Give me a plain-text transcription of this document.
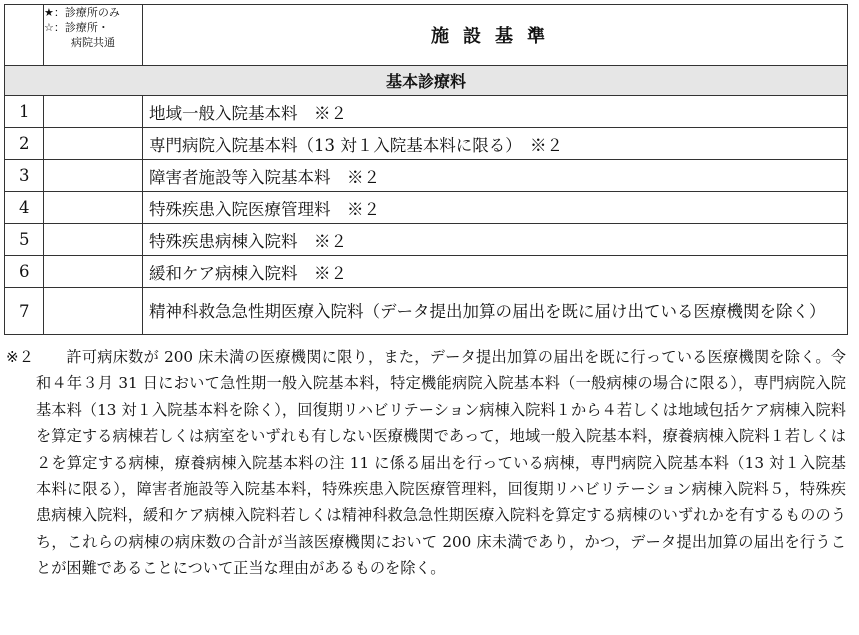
	★：診療所のみ
☆：診療所・
病院共通	施設基準
基本診療料		
1		地域一般入院基本料　※２
2		専門病院入院基本料（13 対１入院基本料に限る）　※２
3		障害者施設等入院基本料　※２
4		特殊疾患入院医療管理料　※２
5		特殊疾患病棟入院料　※２
6		緩和ケア病棟入院料　※２
7		精神科救急急性期医療入院料（データ提出加算の届出を既に届け出ている医療機関を除く）
※２	許可病床数が 200 床未満の医療機関に限り，また，データ提出加算の届出を既に行っている医療機関を除く。令和４年３月 31 日において急性期一般入院基本料，特定機能病院入院基本料（一般病棟の場合に限る），専門病院入院基本料（13 対１入院基本料を除く），回復期リハビリテーション病棟入院料１から４若しくは地域包括ケア病棟入院料を算定する病棟若しくは病室をいずれも有しない医療機関であって，地域一般入院基本料，療養病棟入院料１若しくは２を算定する病棟，療養病棟入院基本料の注 11 に係る届出を行っている病棟，専門病院入院基本料（13 対１入院基本料に限る），障害者施設等入院基本料，特殊疾患入院医療管理料，回復期リハビリテーション病棟入院料５，特殊疾患病棟入院料，緩和ケア病棟入院料若しくは精神科救急急性期医療入院料を算定する病棟のいずれかを有するもののうち，これらの病棟の病床数の合計が当該医療機関において 200 床未満であり，かつ，データ提出加算の届出を行うことが困難であることについて正当な理由があるものを除く。
